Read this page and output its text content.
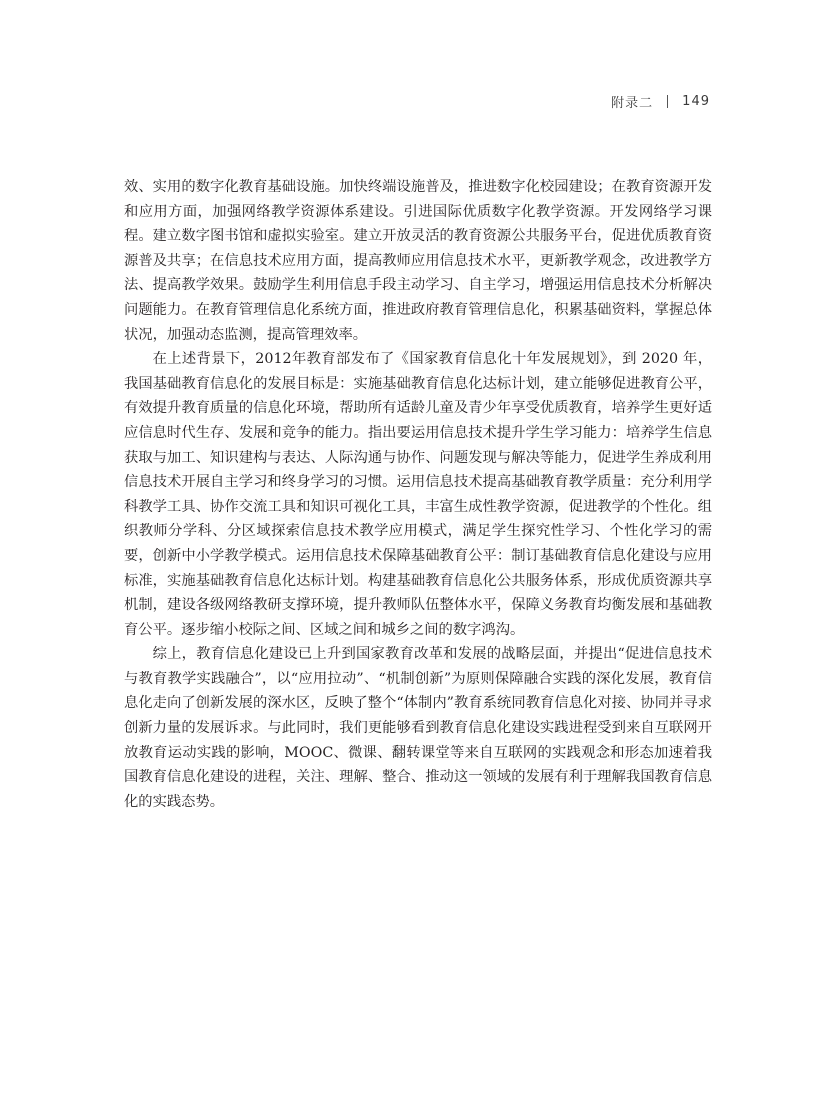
附录二 149

效、实用的数字化教育基础设施。加快终端设施普及，推进数字化校园建设；在教育资源开发和应用方面，加强网络教学资源体系建设。引进国际优质数字化教学资源。开发网络学习课程。建立数字图书馆和虚拟实验室。建立开放灵活的教育资源公共服务平台，促进优质教育资源普及共享；在信息技术应用方面，提高教师应用信息技术水平，更新教学观念，改进教学方法、提高教学效果。鼓励学生利用信息手段主动学习、自主学习，增强运用信息技术分析解决问题能力。在教育管理信息化系统方面，推进政府教育管理信息化，积累基础资料，掌握总体状况，加强动态监测，提高管理效率。

在上述背景下，2012年教育部发布了《国家教育信息化十年发展规划》，到 2020 年，我国基础教育信息化的发展目标是：实施基础教育信息化达标计划，建立能够促进教育公平，有效提升教育质量的信息化环境，帮助所有适龄儿童及青少年享受优质教育，培养学生更好适应信息时代生存、发展和竞争的能力。指出要运用信息技术提升学生学习能力：培养学生信息获取与加工、知识建构与表达、人际沟通与协作、问题发现与解决等能力，促进学生养成利用信息技术开展自主学习和终身学习的习惯。运用信息技术提高基础教育教学质量：充分利用学科教学工具、协作交流工具和知识可视化工具，丰富生成性教学资源，促进教学的个性化。组织教师分学科、分区域探索信息技术教学应用模式，满足学生探究性学习、个性化学习的需要，创新中小学教学模式。运用信息技术保障基础教育公平：制订基础教育信息化建设与应用标准，实施基础教育信息化达标计划。构建基础教育信息化公共服务体系，形成优质资源共享机制，建设各级网络教研支撑环境，提升教师队伍整体水平，保障义务教育均衡发展和基础教育公平。逐步缩小校际之间、区域之间和城乡之间的数字鸿沟。

综上，教育信息化建设已上升到国家教育改革和发展的战略层面，并提出“促进信息技术与教育教学实践融合”，以“应用拉动”、“机制创新”为原则保障融合实践的深化发展，教育信息化走向了创新发展的深水区，反映了整个“体制内”教育系统同教育信息化对接、协同并寻求创新力量的发展诉求。与此同时，我们更能够看到教育信息化建设实践进程受到来自互联网开放教育运动实践的影响，MOOC、微课、翻转课堂等来自互联网的实践观念和形态加速着我国教育信息化建设的进程，关注、理解、整合、推动这一领域的发展有利于理解我国教育信息化的实践态势。
